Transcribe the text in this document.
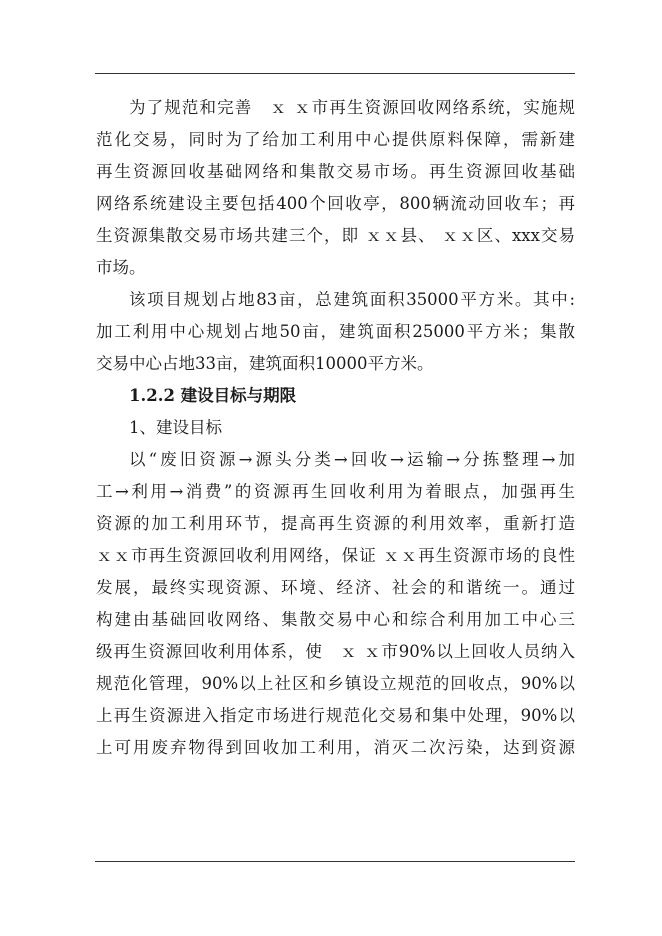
为了规范和完善　ｘ ｘ市再生资源回收网络系统，实施规
范化交易，同时为了给加工利用中心提供原料保障，需新建
再生资源回收基础网络和集散交易市场。再生资源回收基础
网络系统建设主要包括400个回收亭，800辆流动回收车；再
生资源集散交易市场共建三个，即 ｘｘ县、 ｘｘ区、xxx交易
市场。
该项目规划占地83亩，总建筑面积35000平方米。其中:
加工利用中心规划占地50亩，建筑面积25000平方米；集散
交易中心占地33亩，建筑面积10000平方米。
1.2.2 建设目标与期限
1、建设目标
以“废旧资源→源头分类→回收→运输→分拣整理→加
工→利用→消费”的资源再生回收利用为着眼点，加强再生
资源的加工利用环节，提高再生资源的利用效率，重新打造
ｘｘ市再生资源回收利用网络，保证 ｘｘ再生资源市场的良性
发展，最终实现资源、环境、经济、社会的和谐统一。通过
构建由基础回收网络、集散交易中心和综合利用加工中心三
级再生资源回收利用体系，使　ｘ ｘ市90%以上回收人员纳入
规范化管理，90%以上社区和乡镇设立规范的回收点，90%以
上再生资源进入指定市场进行规范化交易和集中处理，90%以
上可用废弃物得到回收加工利用，消灭二次污染，达到资源
